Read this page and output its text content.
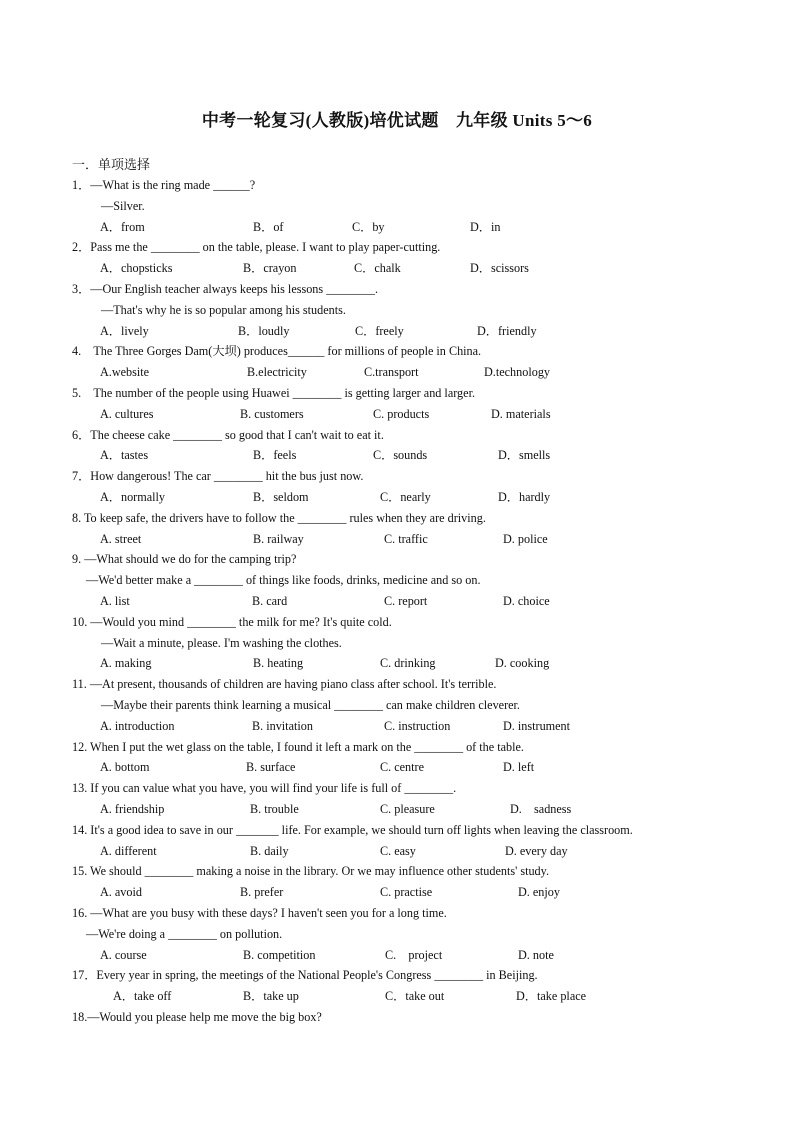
中考一轮复习(人教版)培优试题　九年级 Units 5～6
一．单项选择
1．—What is the ring made ______?
—Silver.
A．from	B．of	C．by	D．in
2．Pass me the ________ on the table, please. I want to play paper-cutting.
A．chopsticks	B．crayon	C．chalk	D．scissors
3．—Our English teacher always keeps his lessons ________.
—That's why he is so popular among his students.
A．lively	B．loudly	C．freely	D．friendly
4.　The Three Gorges Dam(大坝) produces______ for millions of people in China.
A.website	B.electricity	C.transport	D.technology
5.　The number of the people using Huawei ________ is getting larger and larger.
A. cultures	B. customers	C. products	D. materials
6．The cheese cake ________ so good that I can't wait to eat it.
A．tastes	B．feels	C．sounds	D．smells
7．How dangerous! The car ________ hit the bus just now.
A．normally	B．seldom	C．nearly	D．hardly
8. To keep safe, the drivers have to follow the ________ rules when they are driving.
A. street	B. railway	C. traffic	D. police
9. —What should we do for the camping trip?
—We'd better make a ________ of things like foods, drinks, medicine and so on.
A. list	B. card	C. report	D. choice
10. —Would you mind ________ the milk for me? It's quite cold.
—Wait a minute, please. I'm washing the clothes.
A. making	B. heating	C. drinking	D. cooking
11. —At present, thousands of children are having piano class after school. It's terrible.
—Maybe their parents think learning a musical ________ can make children cleverer.
A. introduction	B. invitation	C. instruction	D. instrument
12. When I put the wet glass on the table, I found it left a mark on the ________ of the table.
A. bottom	B. surface	C. centre	D. left
13. If you can value what you have, you will find your life is full of ________.
A. friendship	B. trouble	C. pleasure	D.　sadness
14. It's a good idea to save in our _______ life. For example, we should turn off lights when leaving the classroom.
A. different	B. daily	C. easy	D. every day
15. We should ________ making a noise in the library. Or we may influence other students' study.
A. avoid	B. prefer	C. practise	D. enjoy
16. —What are you busy with these days? I haven't seen you for a long time.
—We're doing a ________ on pollution.
A. course	B. competition	C.　project	D. note
17．Every year in spring, the meetings of the National People's Congress ________ in Beijing.
A．take off	B．take up	C．take out	D．take place
18.—Would you please help me move the big box?
